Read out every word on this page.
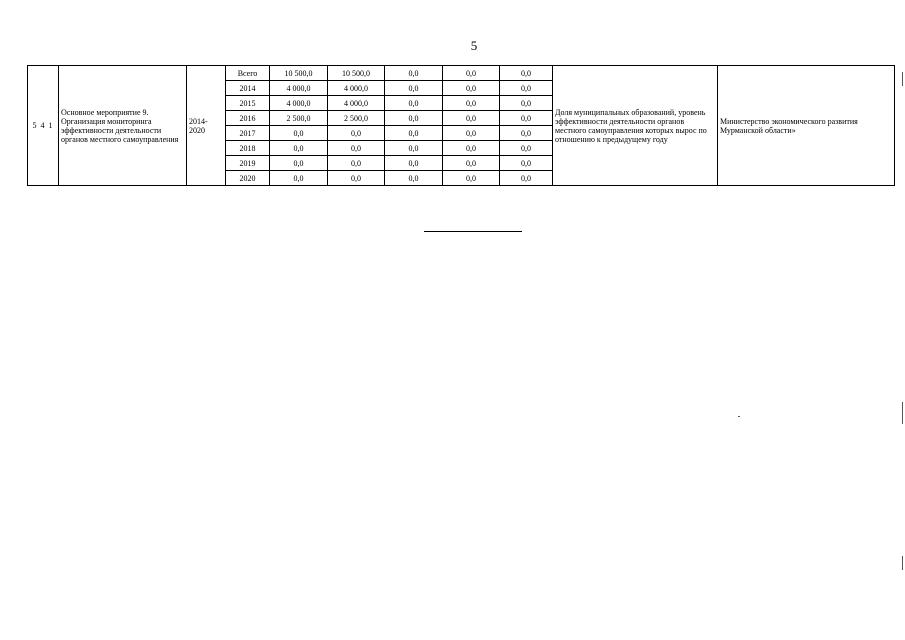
5
5 4 1	Основное мероприятие 9. Организация мониторинга эффективности деятельности органов местного самоуправления	2014-2020	Всего	10 500,0	10 500,0	0,0	0,0	0,0	Доля муниципальных образований, уровень эффективности деятельности органов местного самоуправления которых вырос по отношению к предыдущему году	Министерство экономического развития Мурманской области»
			2014	4 000,0	4 000,0	0,0	0,0	0,0		
			2015	4 000,0	4 000,0	0,0	0,0	0,0		
			2016	2 500,0	2 500,0	0,0	0,0	0,0		
			2017	0,0	0,0	0,0	0,0	0,0		
			2018	0,0	0,0	0,0	0,0	0,0		
			2019	0,0	0,0	0,0	0,0	0,0		
			2020	0,0	0,0	0,0	0,0	0,0		
